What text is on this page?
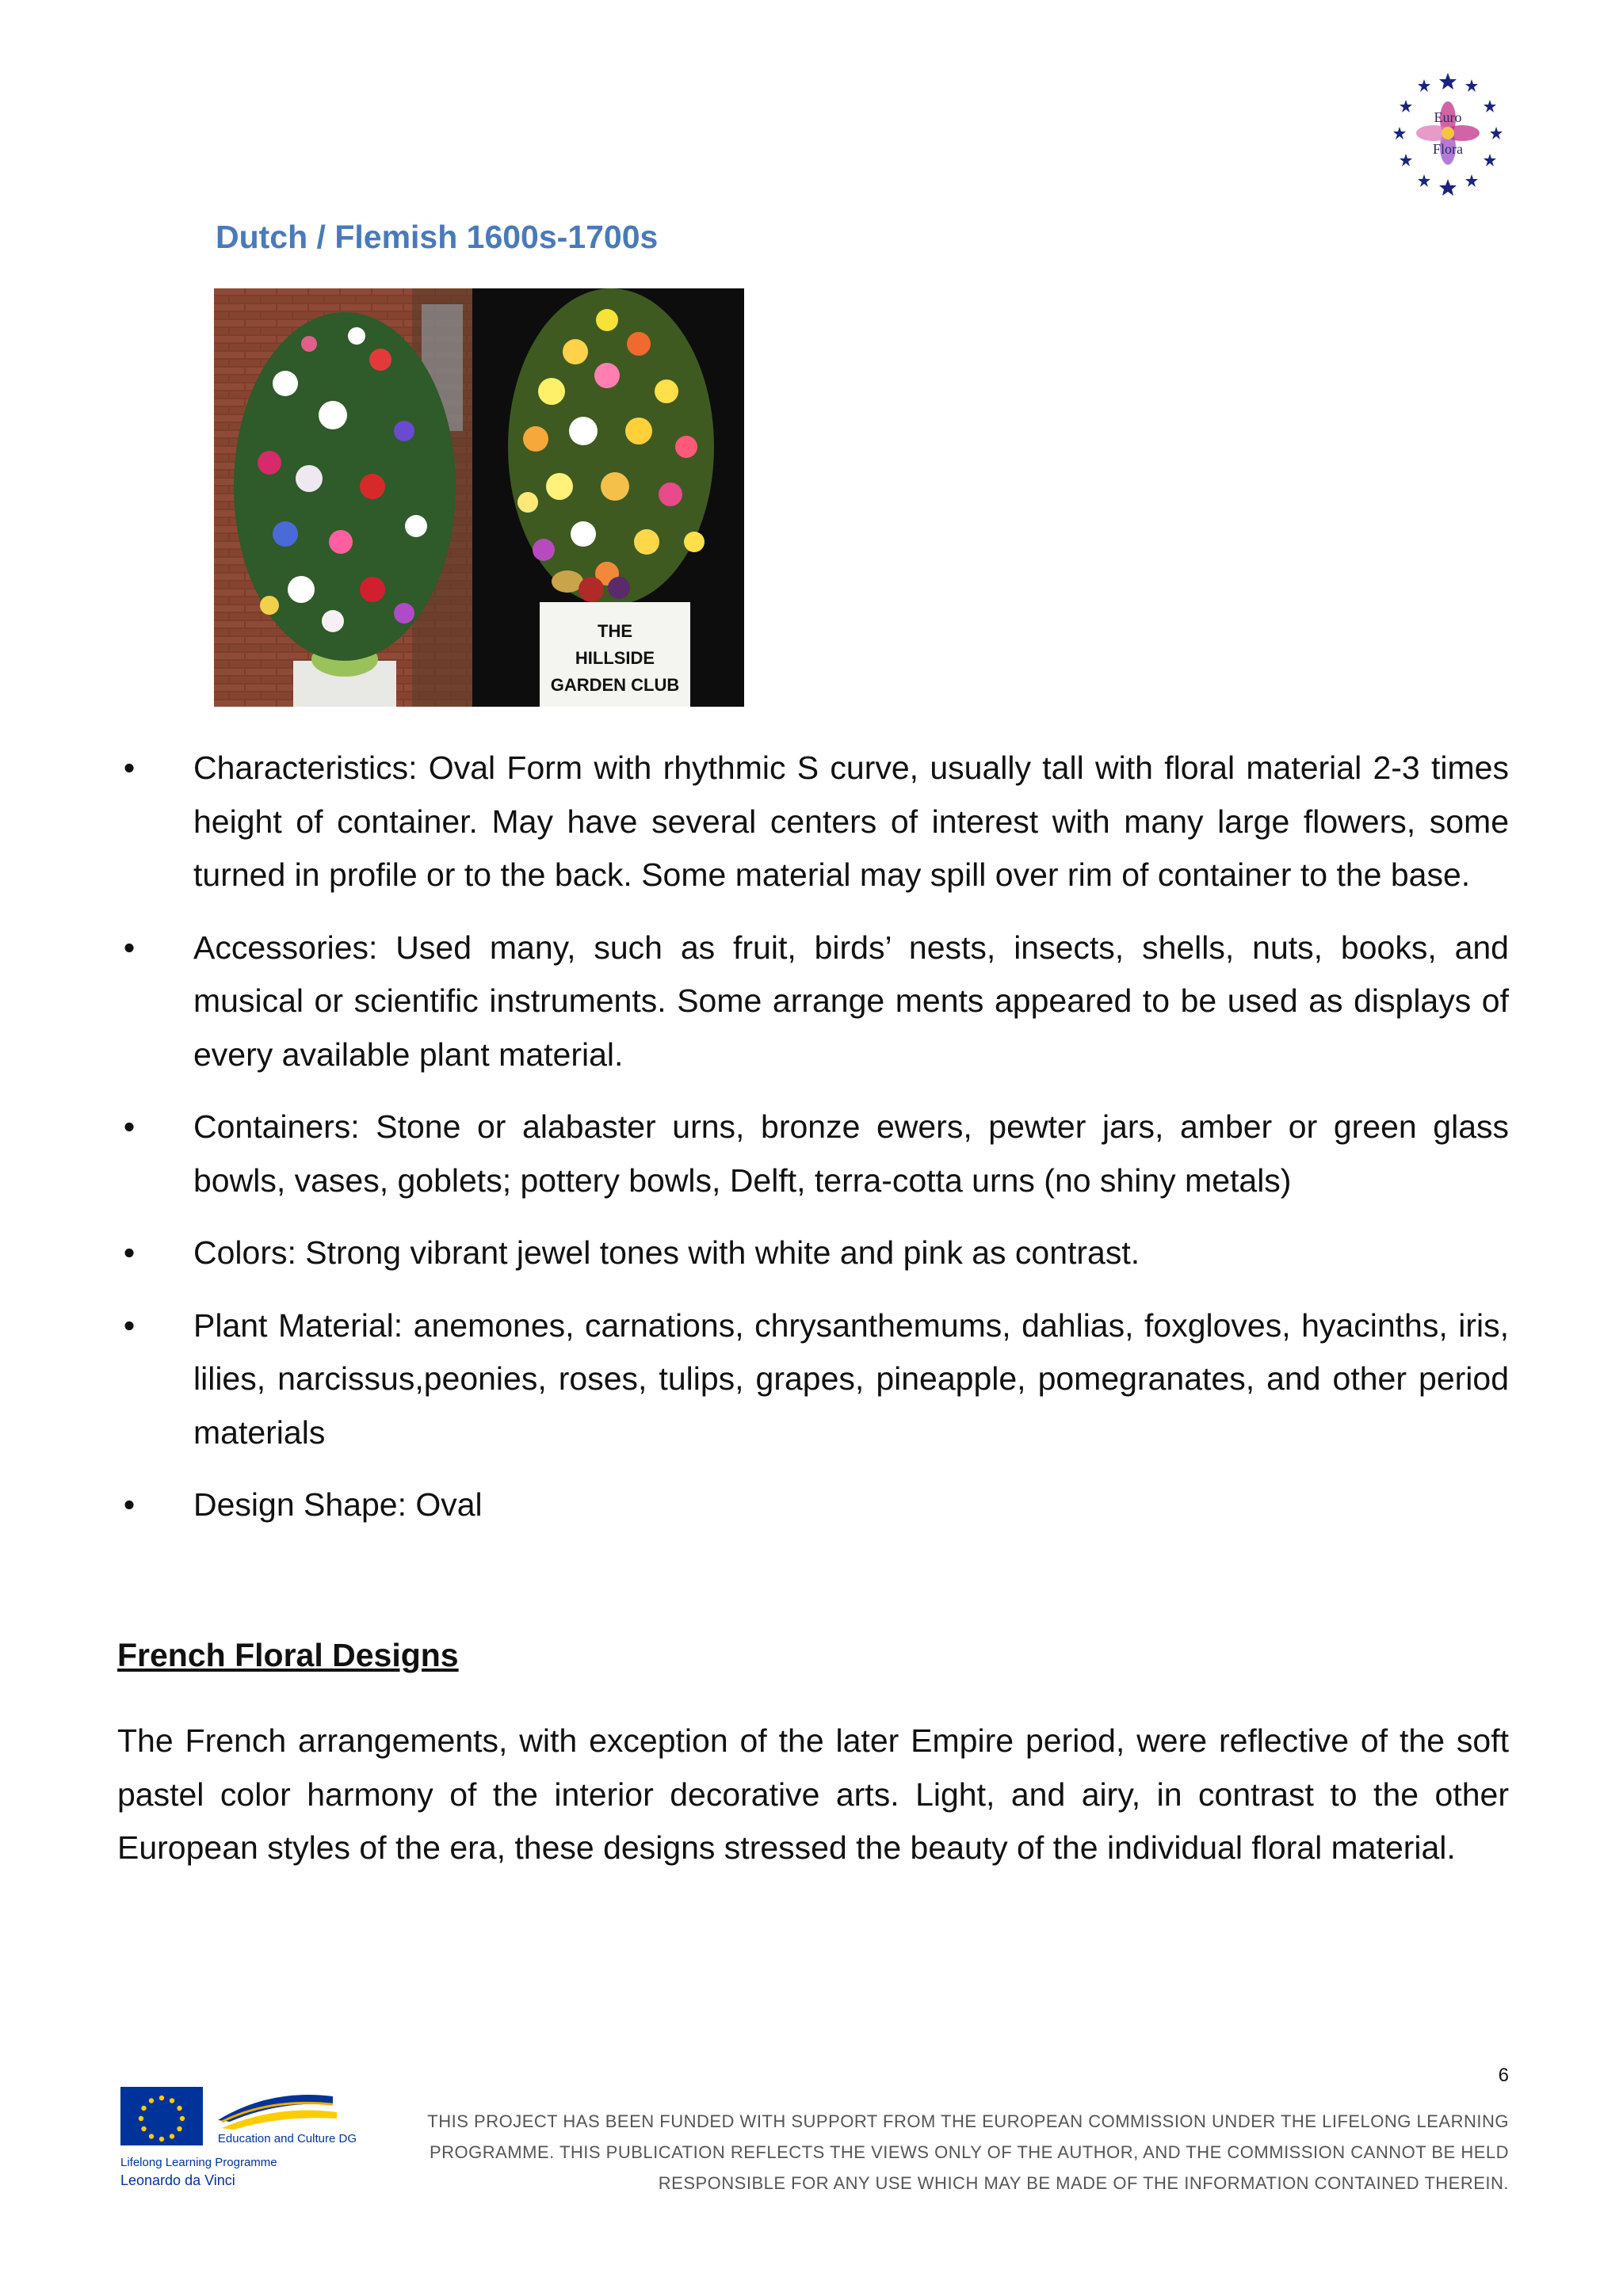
Euro
Flora
Dutch / Flemish 1600s-1700s
THE
HILLSIDE
GARDEN CLUB
• Characteristics: Oval Form with rhythmic S curve, usually tall with floral material 2-3 times height of container. May have several centers of interest with many large flowers, some turned in profile or to the back. Some material may spill over rim of container to the base.
• Accessories: Used many, such as fruit, birds’ nests, insects, shells, nuts, books, and musical or scientific instruments. Some arrange ments appeared to be used as displays of every available plant material.
• Containers: Stone or alabaster urns, bronze ewers, pewter jars, amber or green glass bowls, vases, goblets; pottery bowls, Delft, terra-cotta urns (no shiny metals)
• Colors: Strong vibrant jewel tones with white and pink as contrast.
• Plant Material: anemones, carnations, chrysanthemums, dahlias, foxgloves, hyacinths, iris, lilies, narcissus,peonies, roses, tulips, grapes, pineapple, pomegranates, and other period materials
• Design Shape: Oval
French Floral Designs
The French arrangements, with exception of the later Empire period, were reflective of the soft pastel color harmony of the interior decorative arts. Light, and airy, in contrast to the other European styles of the era, these designs stressed the beauty of the individual floral material.
6
Education and Culture DG
Lifelong Learning Programme
Leonardo da Vinci
THIS PROJECT HAS BEEN FUNDED WITH SUPPORT FROM THE EUROPEAN COMMISSION UNDER THE LIFELONG LEARNING
PROGRAMME. THIS PUBLICATION REFLECTS THE VIEWS ONLY OF THE AUTHOR, AND THE COMMISSION CANNOT BE HELD
RESPONSIBLE FOR ANY USE WHICH MAY BE MADE OF THE INFORMATION CONTAINED THEREIN.
